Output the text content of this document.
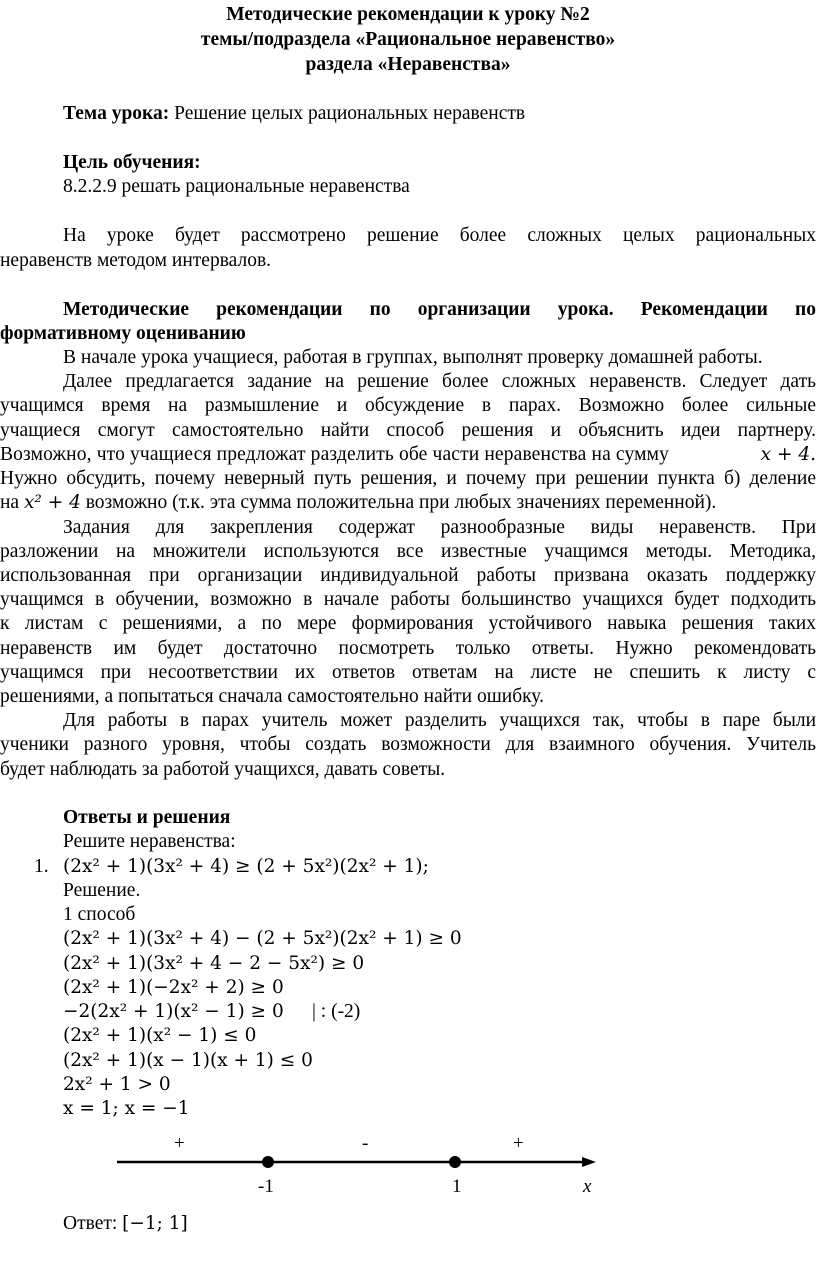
Методические рекомендации к уроку №2
темы/подраздела «Рациональное неравенство»
раздела «Неравенства»
Тема урока: Решение целых рациональных неравенств
Цель обучения:
8.2.2.9 решать рациональные неравенства
На уроке будет рассмотрено решение более сложных целых рациональных
неравенств методом интервалов.
Методические рекомендации по организации урока. Рекомендации по
формативному оцениванию
В начале урока учащиеся, работая в группах, выполнят проверку домашней работы.
Далее предлагается задание на решение более сложных неравенств. Следует дать
учащимся время на размышление и обсуждение в парах. Возможно более сильные
учащиеся смогут самостоятельно найти способ решения и объяснить идеи партнеру.
Возможно, что учащиеся предложат разделить обе части неравенства на сумму	𝑥 + 4.
Нужно обсудить, почему неверный путь решения, и почему при решении пункта б) деление
на 𝑥² + 4 возможно (т.к. эта сумма положительна при любых значениях переменной).
Задания для закрепления содержат разнообразные виды неравенств. При
разложении на множители используются все известные учащимся методы. Методика,
использованная при организации индивидуальной работы призвана оказать поддержку
учащимся в обучении, возможно в начале работы большинство учащихся будет подходить
к листам с решениями, а по мере формирования устойчивого навыка решения таких
неравенств им будет достаточно посмотреть только ответы. Нужно рекомендовать
учащимся при несоответствии их ответов ответам на листе не спешить к листу с
решениями, а попытаться сначала самостоятельно найти ошибку.
Для работы в парах учитель может разделить учащихся так, чтобы в паре были
ученики разного уровня, чтобы создать возможности для взаимного обучения. Учитель
будет наблюдать за работой учащихся, давать советы.
Ответы и решения
Решите неравенства:
1. (2x² + 1)(3x² + 4) ≥ (2 + 5x²)(2x² + 1);
Решение.
1 способ
(2x² + 1)(3x² + 4) − (2 + 5x²)(2x² + 1) ≥ 0
(2x² + 1)(3x² + 4 − 2 − 5x²) ≥ 0
(2x² + 1)(−2x² + 2) ≥ 0
−2(2x² + 1)(x² − 1) ≥ 0	| : (-2)
(2x² + 1)(x² − 1) ≤ 0
(2x² + 1)(x − 1)(x + 1) ≤ 0
2x² + 1 > 0
x = 1; x = −1
+	-	+
-1	1	x
Ответ: [−1; 1]
